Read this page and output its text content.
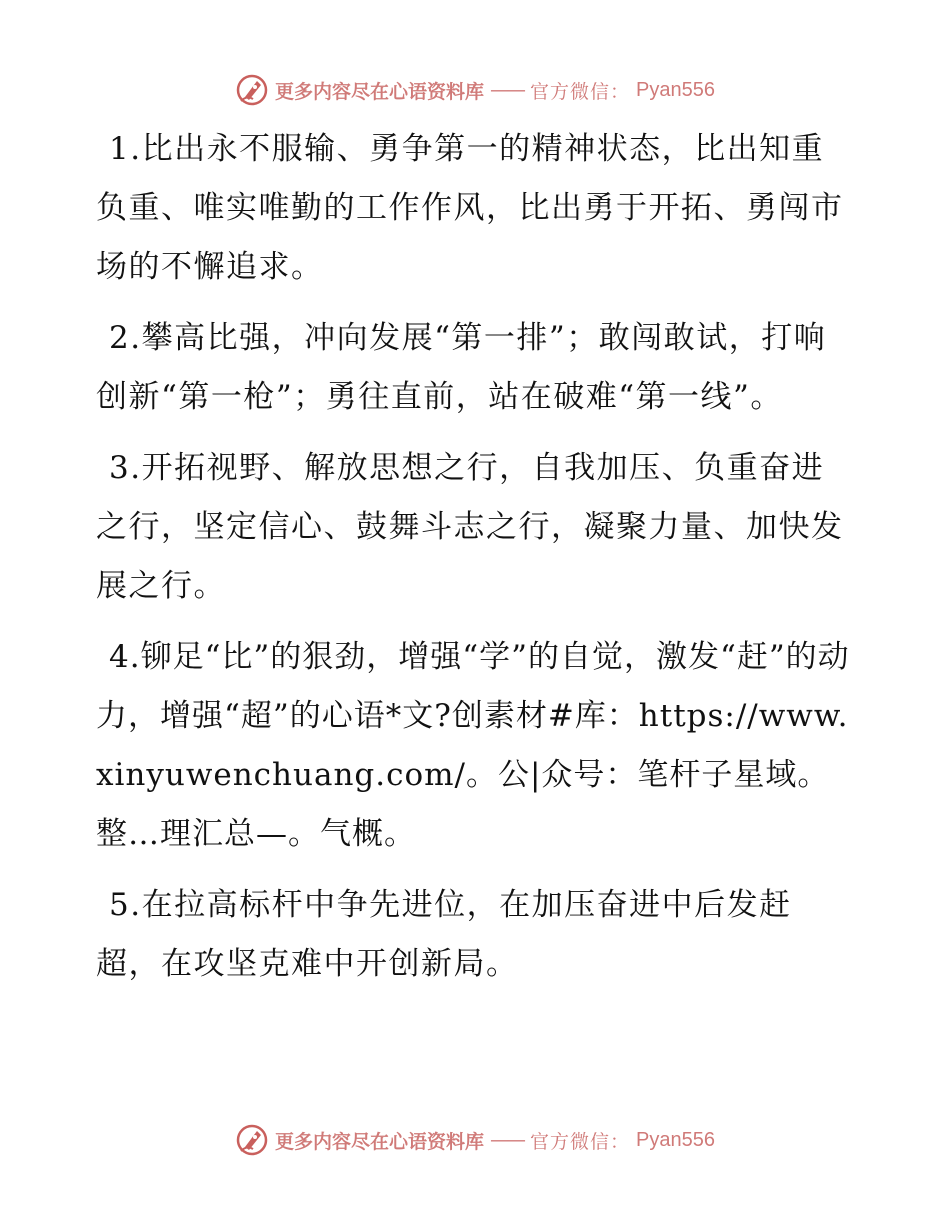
更多内容尽在心语资料库 —— 官方微信： Pyan556

1.比出永不服输、勇争第一的精神状态，比出知重负重、唯实唯勤的工作作风，比出勇于开拓、勇闯市场的不懈追求。

2.攀高比强，冲向发展“第一排”；敢闯敢试，打响创新“第一枪”；勇往直前，站在破难“第一线”。

3.开拓视野、解放思想之行，自我加压、负重奋进之行，坚定信心、鼓舞斗志之行，凝聚力量、加快发展之行。

4.铆足“比”的狠劲，增强“学”的自觉，激发“赶”的动力，增强“超”的心语*文?创素材#库：https://www.xinyuwenchuang.com/。公|众号：笔杆子星域。整…理汇总—。气概。

5.在拉高标杆中争先进位，在加压奋进中后发赶超，在攻坚克难中开创新局。

更多内容尽在心语资料库 —— 官方微信： Pyan556
